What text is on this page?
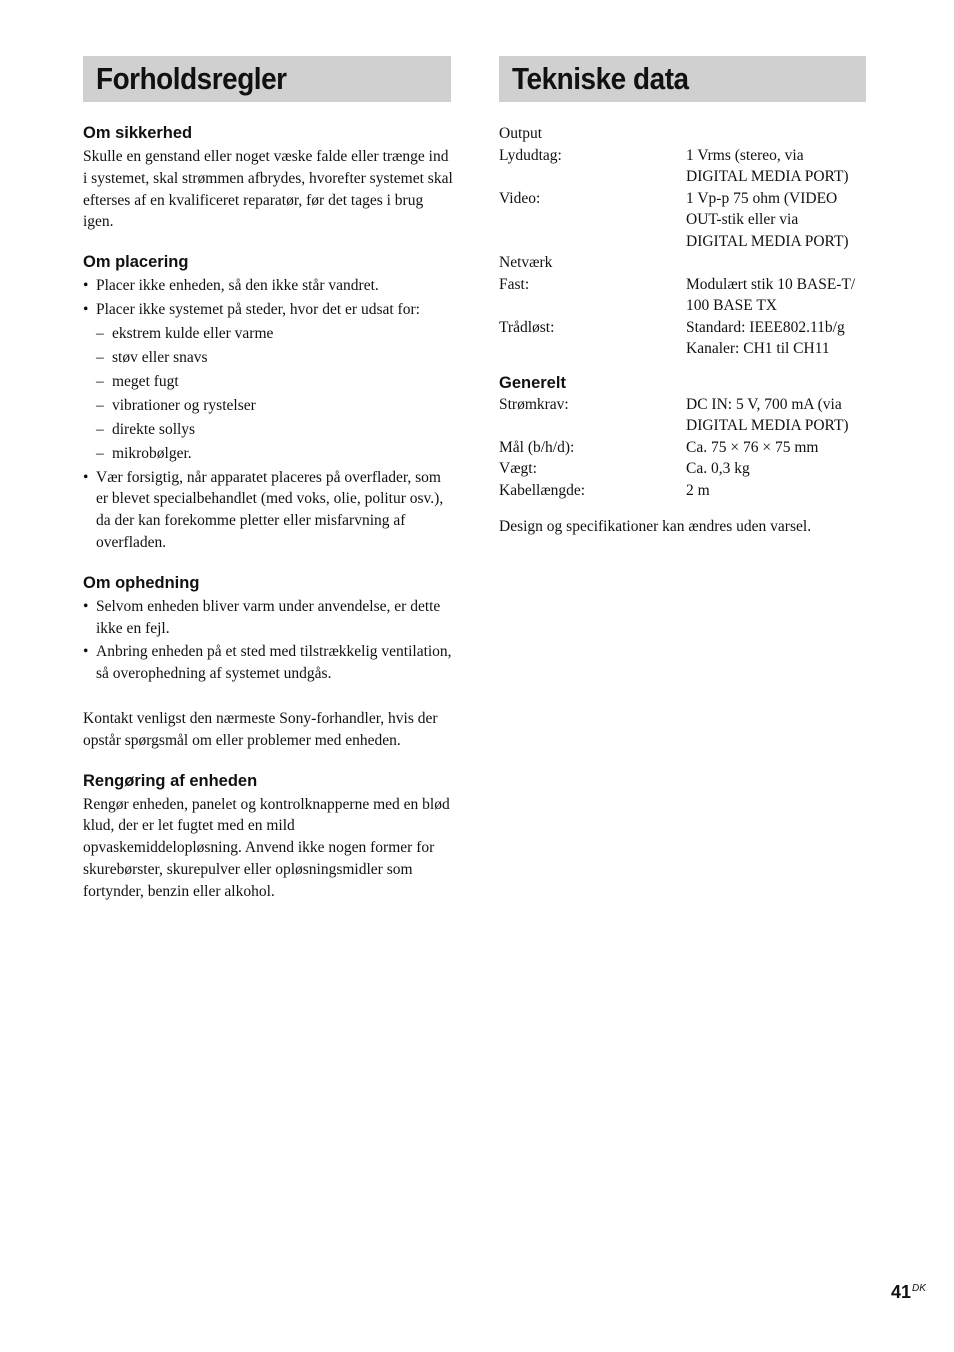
Forholdsregler
Om sikkerhed

Skulle en genstand eller noget væske falde eller trænge ind i systemet, skal strømmen afbrydes, hvorefter systemet skal efterses af en kvalificeret reparatør, før det tages i brug igen.

Om placering
• Placer ikke enheden, så den ikke står vandret.
• Placer ikke systemet på steder, hvor det er udsat for:
– ekstrem kulde eller varme
– støv eller snavs
– meget fugt
– vibrationer og rystelser
– direkte sollys
– mikrobølger.
• Vær forsigtig, når apparatet placeres på overflader, som er blevet specialbehandlet (med voks, olie, politur osv.), da der kan forekomme pletter eller misfarvning af overfladen.
Om ophedning
• Selvom enheden bliver varm under anvendelse, er dette ikke en fejl.
• Anbring enheden på et sted med tilstrækkelig ventilation, så overophedning af systemet undgås.

Kontakt venligst den nærmeste Sony-forhandler, hvis der opstår spørgsmål om eller problemer med enheden.

Rengøring af enheden

Rengør enheden, panelet og kontrolknapperne med en blød klud, der er let fugtet med en mild opvaskemiddelopløsning. Anvend ikke nogen former for skurebørster, skurepulver eller opløsningsmidler som fortynder, benzin eller alkohol.

Tekniske data

Output

Lydudtag:	1 Vrms (stereo, via
DIGITAL MEDIA PORT)
Video:	1 Vp-p 75 ohm (VIDEO
OUT-stik eller via
DIGITAL MEDIA PORT)

Netværk

Fast:	Modulært stik 10 BASE-T/
100 BASE TX
Trådløst:	Standard: IEEE802.11b/g
Kanaler: CH1 til CH11
Generelt
Strømkrav:	DC IN: 5 V, 700 mA (via
DIGITAL MEDIA PORT)
Mål (b/h/d):	Ca. 75 × 76 × 75 mm
Vægt:	Ca. 0,3 kg
Kabellængde:	2 m

Design og specifikationer kan ændres uden varsel.

$41^{DK}$
